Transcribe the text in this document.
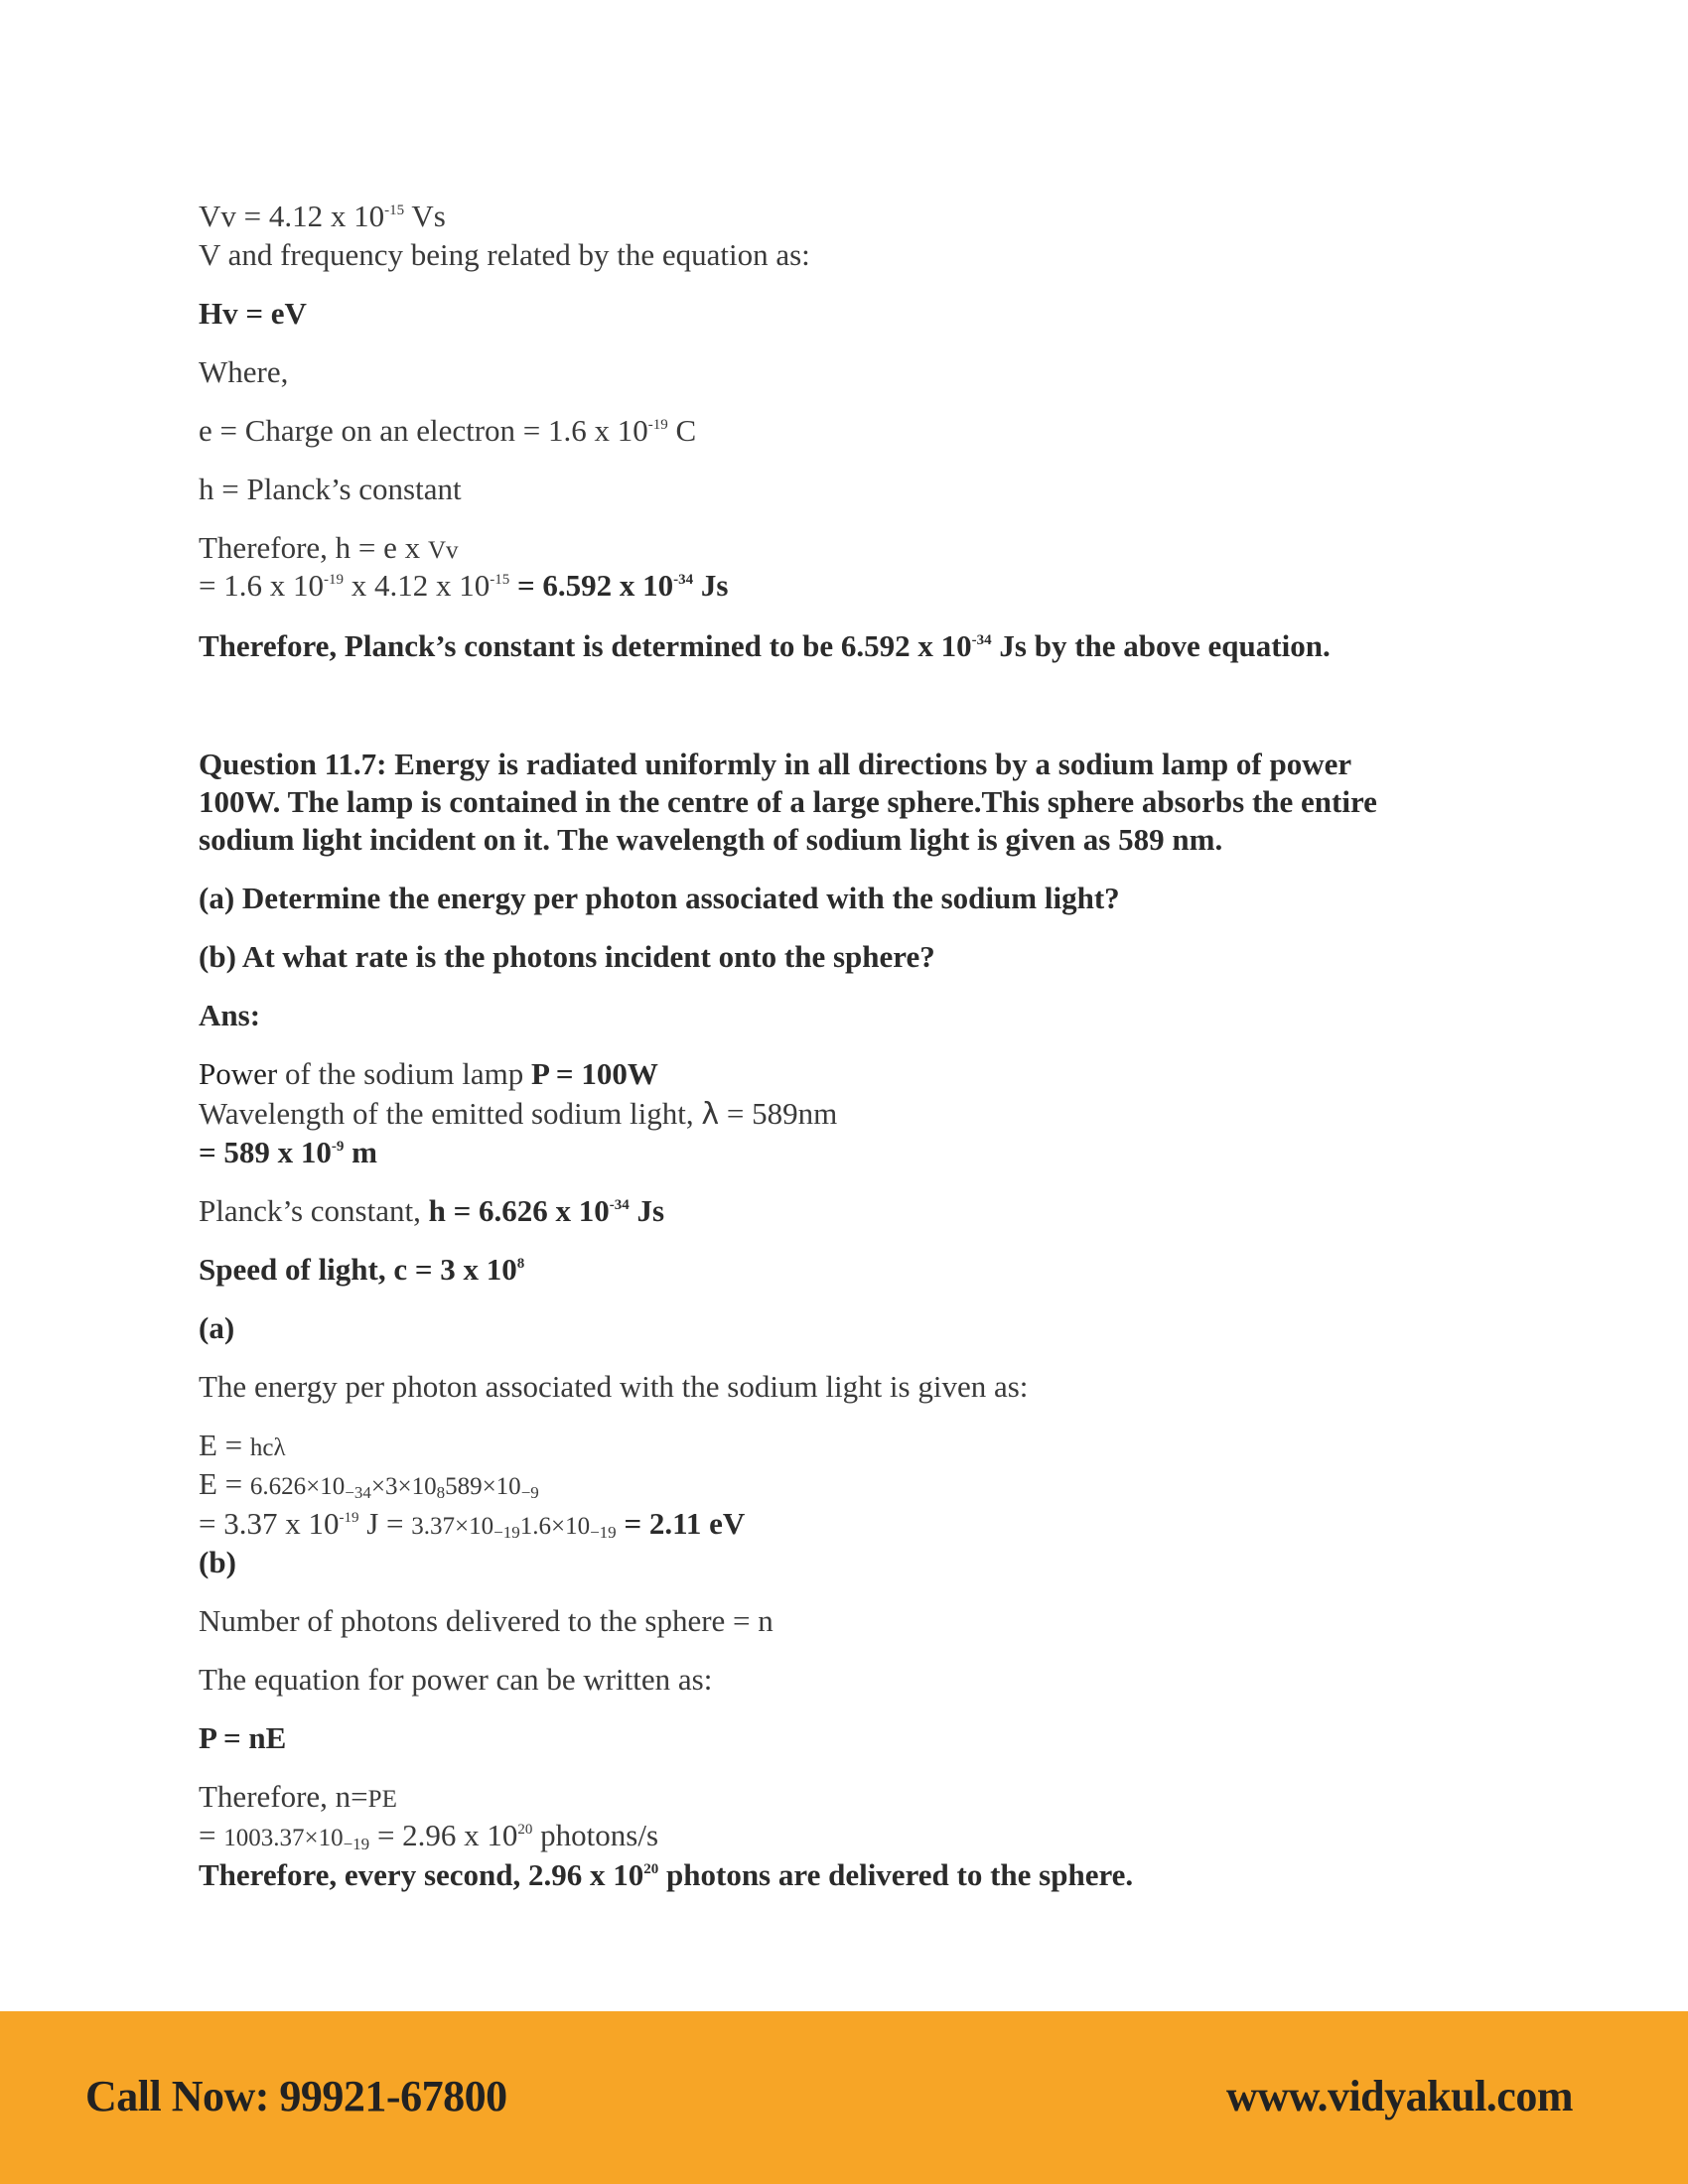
Vv = 4.12 x $10^{-15}$ Vs
V and frequency being related by the equation as:
Hv = eV
Where,
e = Charge on an electron = 1.6 x $10^{-19}$ C
h = Planck’s constant
Therefore, h = e x Vv
= 1.6 x $10^{-19}$ x 4.12 x $10^{-15} = 6.592$ x $10^{-34}$ Js
Therefore, Planck’s constant is determined to be 6.592 x $10^{-34}$ Js by the above equation.
Question 11.7: Energy is radiated uniformly in all directions by a sodium lamp of power
100W. The lamp is contained in the centre of a large sphere.This sphere absorbs the entire
sodium light incident on it. The wavelength of sodium light is given as 589 nm.
(a) Determine the energy per photon associated with the sodium light?
(b) At what rate is the photons incident onto the sphere?
Ans:
Power of the sodium lamp P = 100W
Wavelength of the emitted sodium light, λ = 589nm
= 589 x $10^{-9}$ m
Planck’s constant, h = 6.626 x $10^{-34}$ Js
Speed of light, c = 3 x $10^8$
(a)
The energy per photon associated with the sodium light is given as:
E = hcλ
$E = 6.626\times 10_{-34}\times 3\times 10_8589\times 10_{-9}$
= 3.37 x $10^{-19}$ $J = 3.37\times 10_{-19}1.6\times 10_{-19} = 2.11$ eV
(b)
Number of photons delivered to the sphere = n
The equation for power can be written as:
P = nE
Therefore, n=PE
= $1003.37\times 10_{-19} = 2.96$ x $10^{20}$ photons/s
Therefore, every second, 2.96 x $10^{20}$ photons are delivered to the sphere.
Call Now: 99921-67800	www.vidyakul.com
